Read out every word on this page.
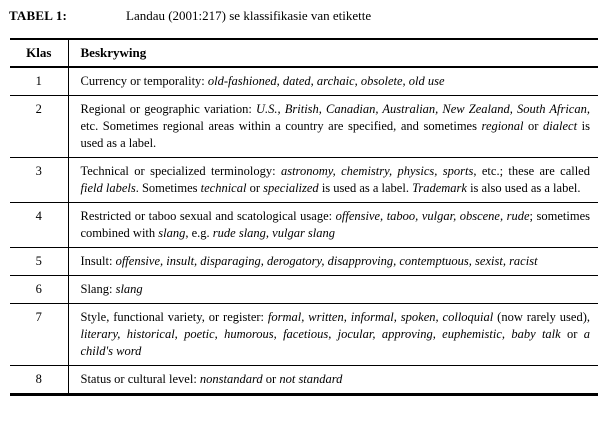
TABEL 1:	Landau (2001:217) se klassifikasie van etikette
Klas	Beskrywing
1	Currency or temporality: old-fashioned, dated, archaic, obsolete, old use
2	Regional or geographic variation: U.S., British, Canadian, Australian, New Zealand, South African, etc. Sometimes regional areas within a country are specified, and sometimes regional or dialect is used as a label.
3	Technical or specialized terminology: astronomy, chemistry, physics, sports, etc.; these are called field labels. Sometimes technical or specialized is used as a label. Trademark is also used as a label.
4	Restricted or taboo sexual and scatological usage: offensive, taboo, vulgar, obscene, rude; sometimes combined with slang, e.g. rude slang, vulgar slang
5	Insult: offensive, insult, disparaging, derogatory, disapproving, contemptuous, sexist, racist
6	Slang: slang
7	Style, functional variety, or register: formal, written, informal, spoken, colloquial (now rarely used), literary, historical, poetic, humorous, facetious, jocular, approving, euphemistic, baby talk or a child's word
8	Status or cultural level: nonstandard or not standard
